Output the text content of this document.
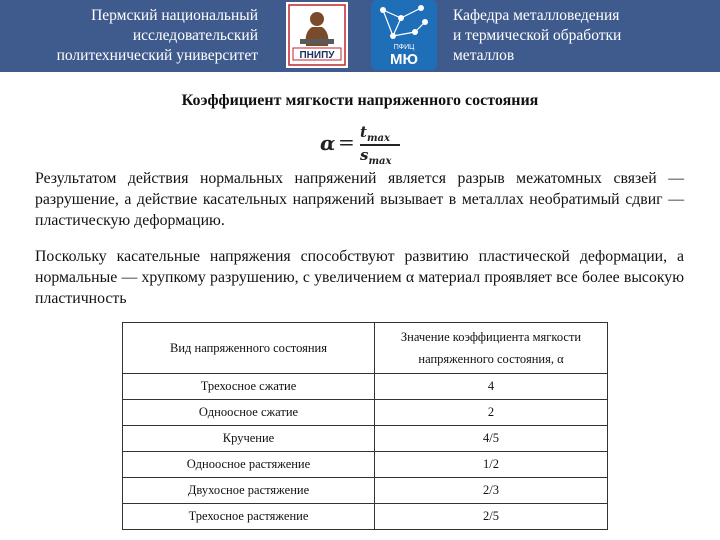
Пермский национальный
исследовательский
политехнический университет	ПНИПУ
ПФИЦ
МЮ
Кафедра металловедения
и термической обработки
металлов
Коэффициент мягкости напряженного состояния
$\alpha = t_{max}$
$s_{max}$
Результатом действия нормальных напряжений является разрыв межатомных связей — разрушение, а действие касательных напряжений вызывает в металлах необратимый сдвиг — пластическую деформацию.
Поскольку касательные напряжения способствуют развитию пластической деформации, а нормальные — хрупкому разрушению, с увеличением α материал проявляет все более высокую пластичность
Вид напряженного состояния	Значение коэффициента мягкости
напряженного состояния, α

Трехосное сжатие	4
Одноосное сжатие	2
Кручение	4/5
Одноосное растяжение	1/2
Двухосное растяжение	2/3
Трехосное растяжение	2/5
